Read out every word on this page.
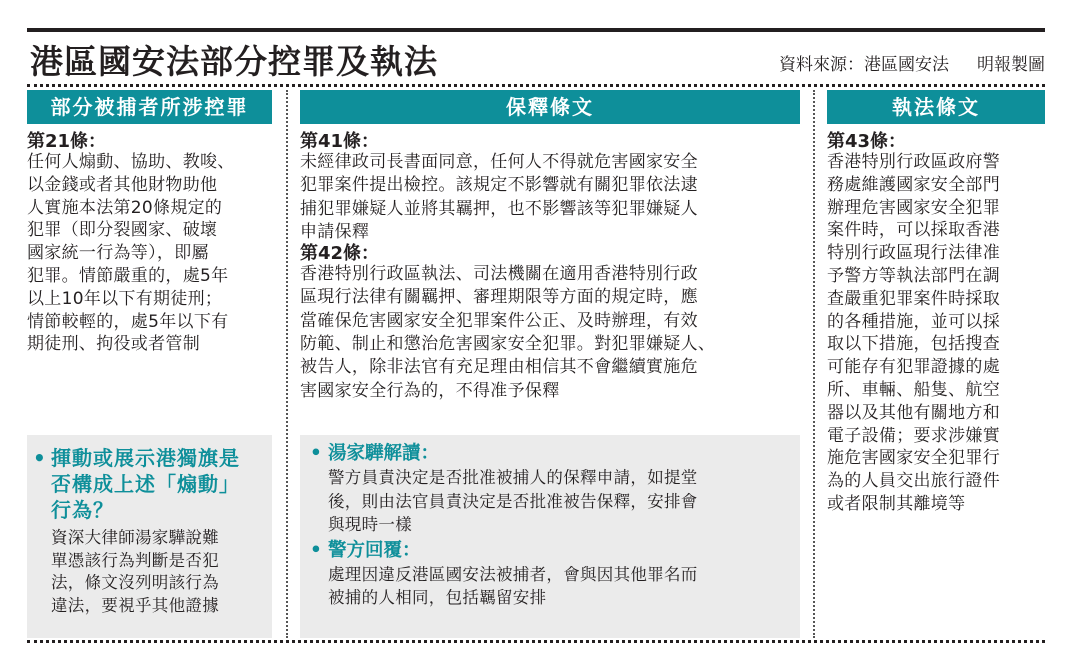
港區國安法部分控罪及執法	資料來源：港區國安法 明報製圖
部分被捕者所涉控罪
第21條：
任何人煽動、協助、教唆、
以金錢或者其他財物助他
人實施本法第20條規定的
犯罪（即分裂國家、破壞
國家統一行為等），即屬
犯罪。情節嚴重的，處5年
以上10年以下有期徒刑；
情節較輕的，處5年以下有
期徒刑、拘役或者管制
• 揮動或展示港獨旗是
否構成上述「煽動」
行為？
資深大律師湯家驊說難
單憑該行為判斷是否犯
法，條文沒列明該行為
違法，要視乎其他證據
保釋條文
第41條：
未經律政司長書面同意，任何人不得就危害國家安全
犯罪案件提出檢控。該規定不影響就有關犯罪依法逮
捕犯罪嫌疑人並將其羈押，也不影響該等犯罪嫌疑人
申請保釋
第42條：
香港特別行政區執法、司法機關在適用香港特別行政
區現行法律有關羈押、審理期限等方面的規定時，應
當確保危害國家安全犯罪案件公正、及時辦理，有效
防範、制止和懲治危害國家安全犯罪。對犯罪嫌疑人、
被告人，除非法官有充足理由相信其不會繼續實施危
害國家安全行為的，不得准予保釋
• 湯家驊解讀：
警方員責決定是否批准被捕人的保釋申請，如提堂
後，則由法官員責決定是否批准被告保釋，安排會
與現時一樣
• 警方回覆：
處理因違反港區國安法被捕者，會與因其他罪名而
被捕的人相同，包括羈留安排
執法條文
第43條：
香港特別行政區政府警
務處維護國家安全部門
辦理危害國家安全犯罪
案件時，可以採取香港
特別行政區現行法律准
予警方等執法部門在調
查嚴重犯罪案件時採取
的各種措施，並可以採
取以下措施，包括搜查
可能存有犯罪證據的處
所、車輛、船隻、航空
器以及其他有關地方和
電子設備；要求涉嫌實
施危害國家安全犯罪行
為的人員交出旅行證件
或者限制其離境等
